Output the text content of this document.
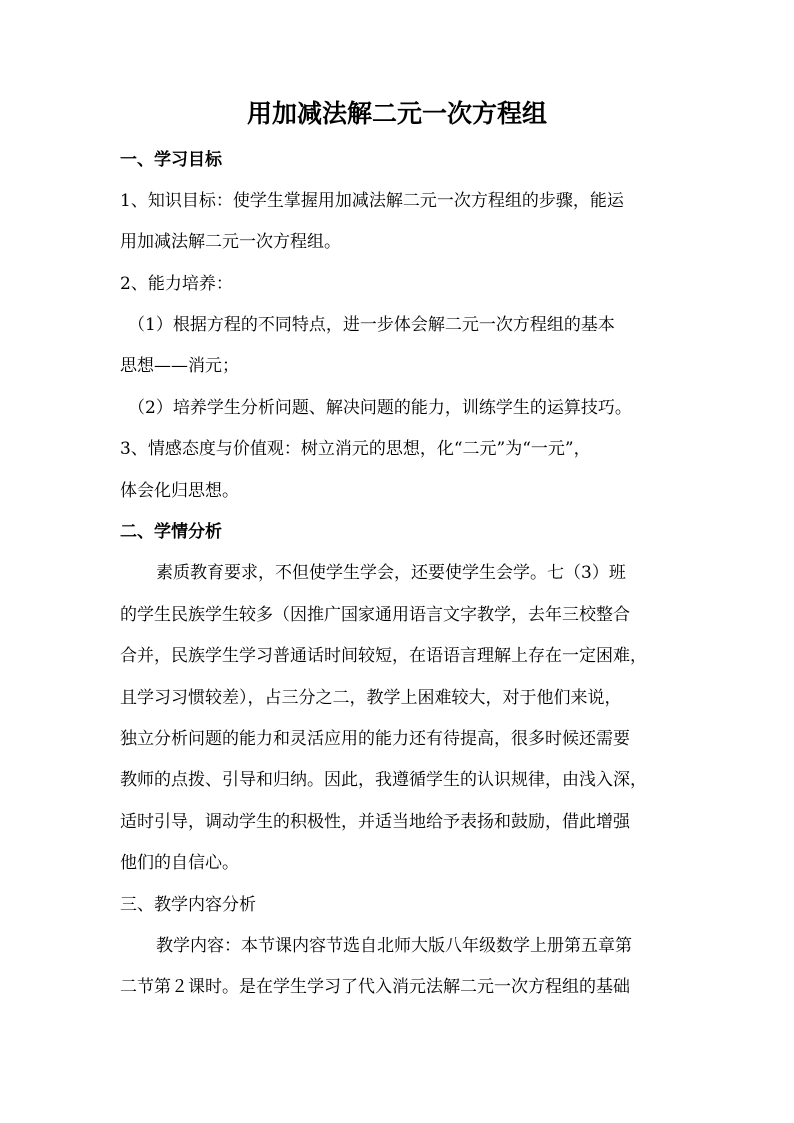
用加减法解二元一次方程组

一、学习目标

1、知识目标：使学生掌握用加减法解二元一次方程组的步骤，能运

用加减法解二元一次方程组。

2、能力培养：

（1）根据方程的不同特点，进一步体会解二元一次方程组的基本

思想——消元；

（2）培养学生分析问题、解决问题的能力，训练学生的运算技巧。

3、情感态度与价值观：树立消元的思想，化“二元”为“一元”，

体会化归思想。

二、学情分析

素质教育要求，不但使学生学会，还要使学生会学。七（3）班

的学生民族学生较多（因推广国家通用语言文字教学，去年三校整合

合并，民族学生学习普通话时间较短，在语语言理解上存在一定困难，

且学习习惯较差），占三分之二，教学上困难较大，对于他们来说，

独立分析问题的能力和灵活应用的能力还有待提高，很多时候还需要

教师的点拨、引导和归纳。因此，我遵循学生的认识规律，由浅入深，

适时引导，调动学生的积极性，并适当地给予表扬和鼓励，借此增强

他们的自信心。

三、教学内容分析

教学内容：本节课内容节选自北师大版八年级数学上册第五章第

二节第２课时。是在学生学习了代入消元法解二元一次方程组的基础
